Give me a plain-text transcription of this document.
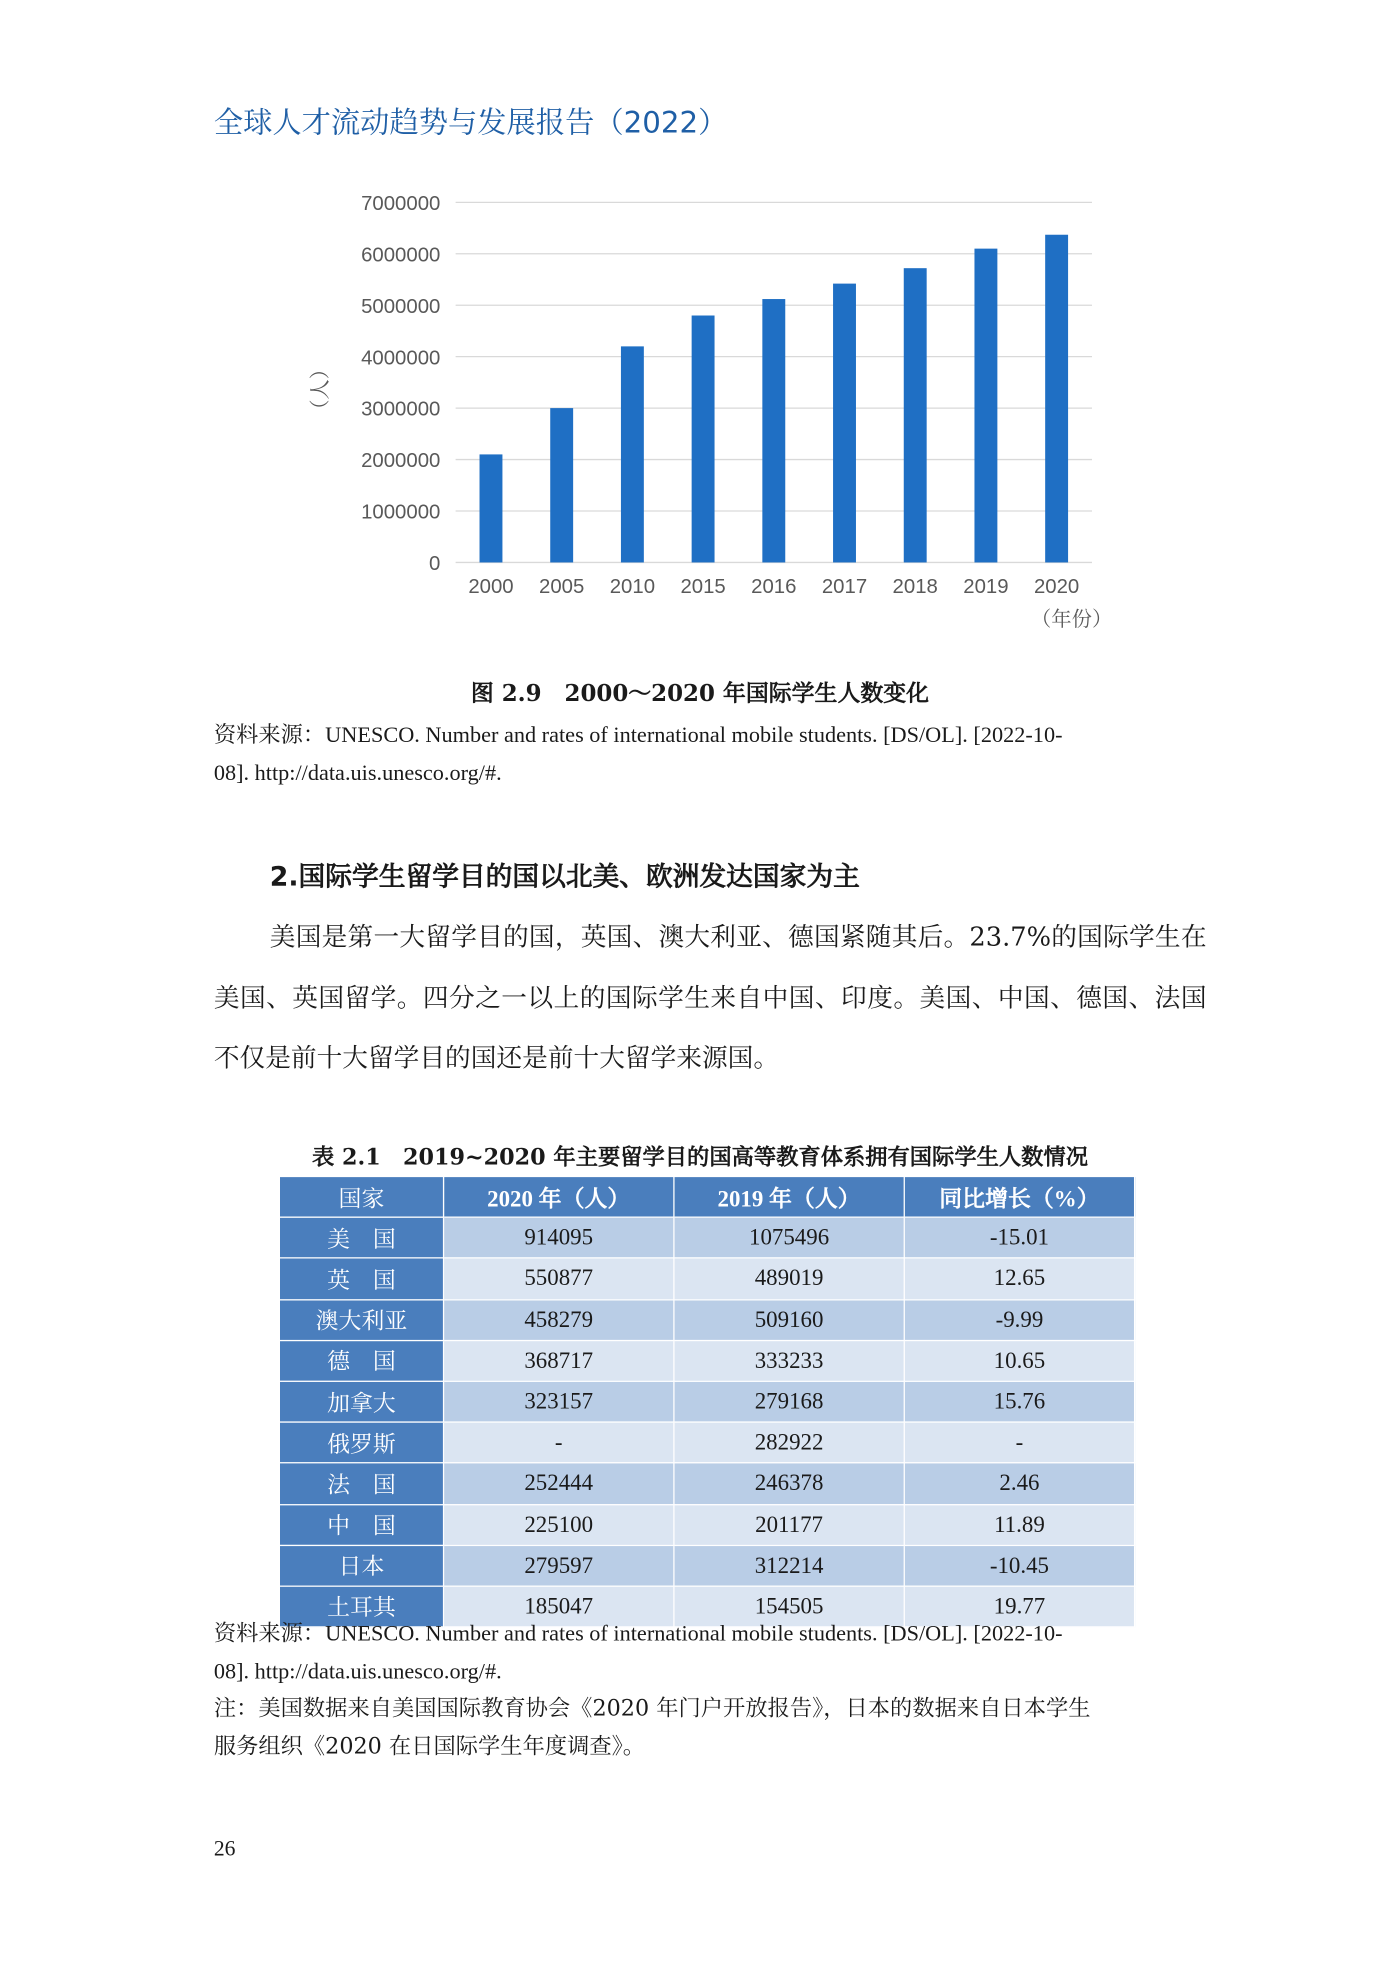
全球人才流动趋势与发展报告（2022）
0
1000000
2000000
3000000
4000000
5000000
6000000
7000000
2000 2005 2010 2015 2016 2017 2018 2019 2020
（人）
（年份）
图 2.9　2000～2020 年国际学生人数变化
资料来源：UNESCO. Number and rates of international mobile students. [DS/OL]. [2022-10-
08]. http://data.uis.unesco.org/#.
2.国际学生留学目的国以北美、欧洲发达国家为主
美国是第一大留学目的国，英国、澳大利亚、德国紧随其后。23.7%的国际学生在美国、英国留学。四分之一以上的国际学生来自中国、印度。美国、中国、德国、法国不仅是前十大留学目的国还是前十大留学来源国。
表 2.1　2019~2020 年主要留学目的国高等教育体系拥有国际学生人数情况
国家	2020 年（人）	2019 年（人）	同比增长（%）
美　国	914095	1075496	-15.01
英　国	550877	489019	12.65
澳大利亚	458279	509160	-9.99
德　国	368717	333233	10.65
加拿大	323157	279168	15.76
俄罗斯	-	282922	-
法　国	252444	246378	2.46
中　国	225100	201177	11.89
日本	279597	312214	-10.45
土耳其	185047	154505	19.77
资料来源：UNESCO. Number and rates of international mobile students. [DS/OL]. [2022-10-
08]. http://data.uis.unesco.org/#.
注：美国数据来自美国国际教育协会《2020 年门户开放报告》，日本的数据来自日本学生
服务组织《2020 在日国际学生年度调查》。
26
